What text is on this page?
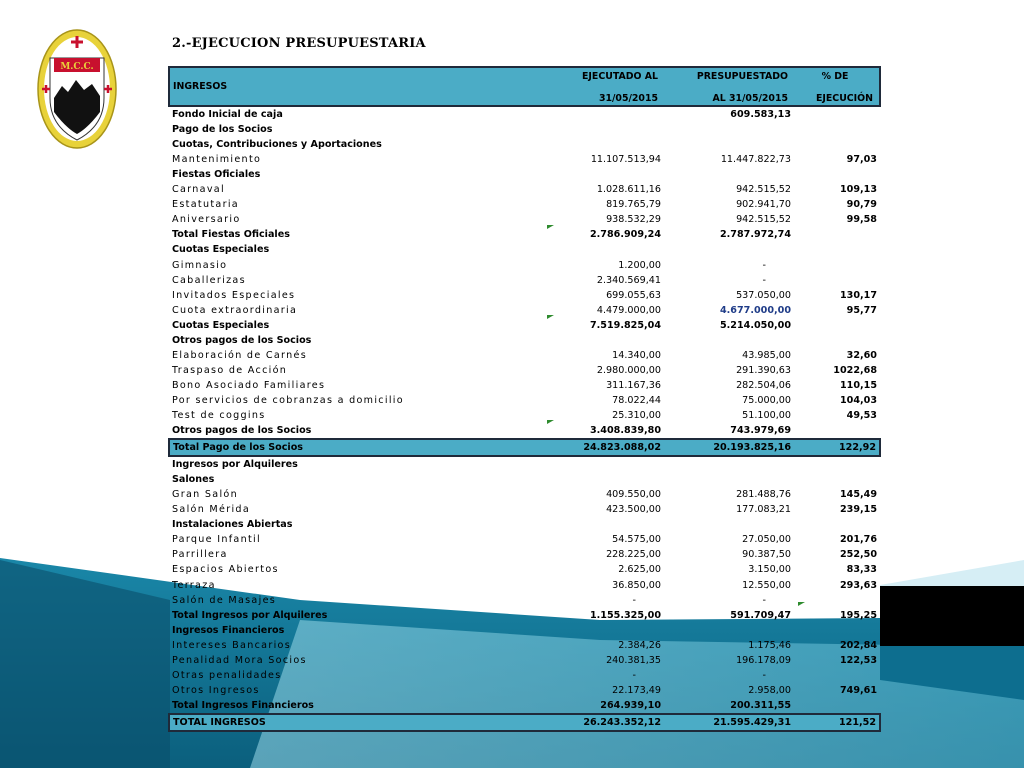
M.C.C.
2.-EJECUCION PRESUPUESTARIA
INGRESOS	EJECUTADO AL	PRESUPUESTADO	% DE
	31/05/2015	AL 31/05/2015	EJECUCIÓN
Fondo Inicial de caja		609.583,13	
Pago de los Socios			
Cuotas, Contribuciones y Aportaciones			
Mantenimiento	11.107.513,94	11.447.822,73	97,03
Fiestas Oficiales			
Carnaval	1.028.611,16	942.515,52	109,13
Estatutaria	819.765,79	902.941,70	90,79
Aniversario	938.532,29	942.515,52	99,58
Total Fiestas Oficiales	2.786.909,24	2.787.972,74	
Cuotas Especiales			
Gimnasio	1.200,00	-	
Caballerizas	2.340.569,41	-	
Invitados Especiales	699.055,63	537.050,00	130,17
Cuota extraordinaria	4.479.000,00	4.677.000,00	95,77
Cuotas Especiales	7.519.825,04	5.214.050,00	
Otros pagos de los Socios			
Elaboración de Carnés	14.340,00	43.985,00	32,60
Traspaso de Acción	2.980.000,00	291.390,63	1022,68
Bono Asociado Familiares	311.167,36	282.504,06	110,15
Por servicios de cobranzas a domicilio	78.022,44	75.000,00	104,03
Test de coggins	25.310,00	51.100,00	49,53
Otros pagos de los Socios	3.408.839,80	743.979,69	
Total Pago de los Socios	24.823.088,02	20.193.825,16	122,92
Ingresos por Alquileres			
Salones			
Gran Salón	409.550,00	281.488,76	145,49
Salón Mérida	423.500,00	177.083,21	239,15
Instalaciones Abiertas			
Parque Infantil	54.575,00	27.050,00	201,76
Parrillera	228.225,00	90.387,50	252,50
Espacios Abiertos	2.625,00	3.150,00	83,33
Terraza	36.850,00	12.550,00	293,63
Salón de Masajes	-	-	
Total Ingresos por Alquileres	1.155.325,00	591.709,47	195,25
Ingresos Financieros			
Intereses Bancarios	2.384,26	1.175,46	202,84
Penalidad Mora Socios	240.381,35	196.178,09	122,53
Otras penalidades	-	-	
Otros Ingresos	22.173,49	2.958,00	749,61
Total Ingresos Financieros	264.939,10	200.311,55	
TOTAL INGRESOS	26.243.352,12	21.595.429,31	121,52
